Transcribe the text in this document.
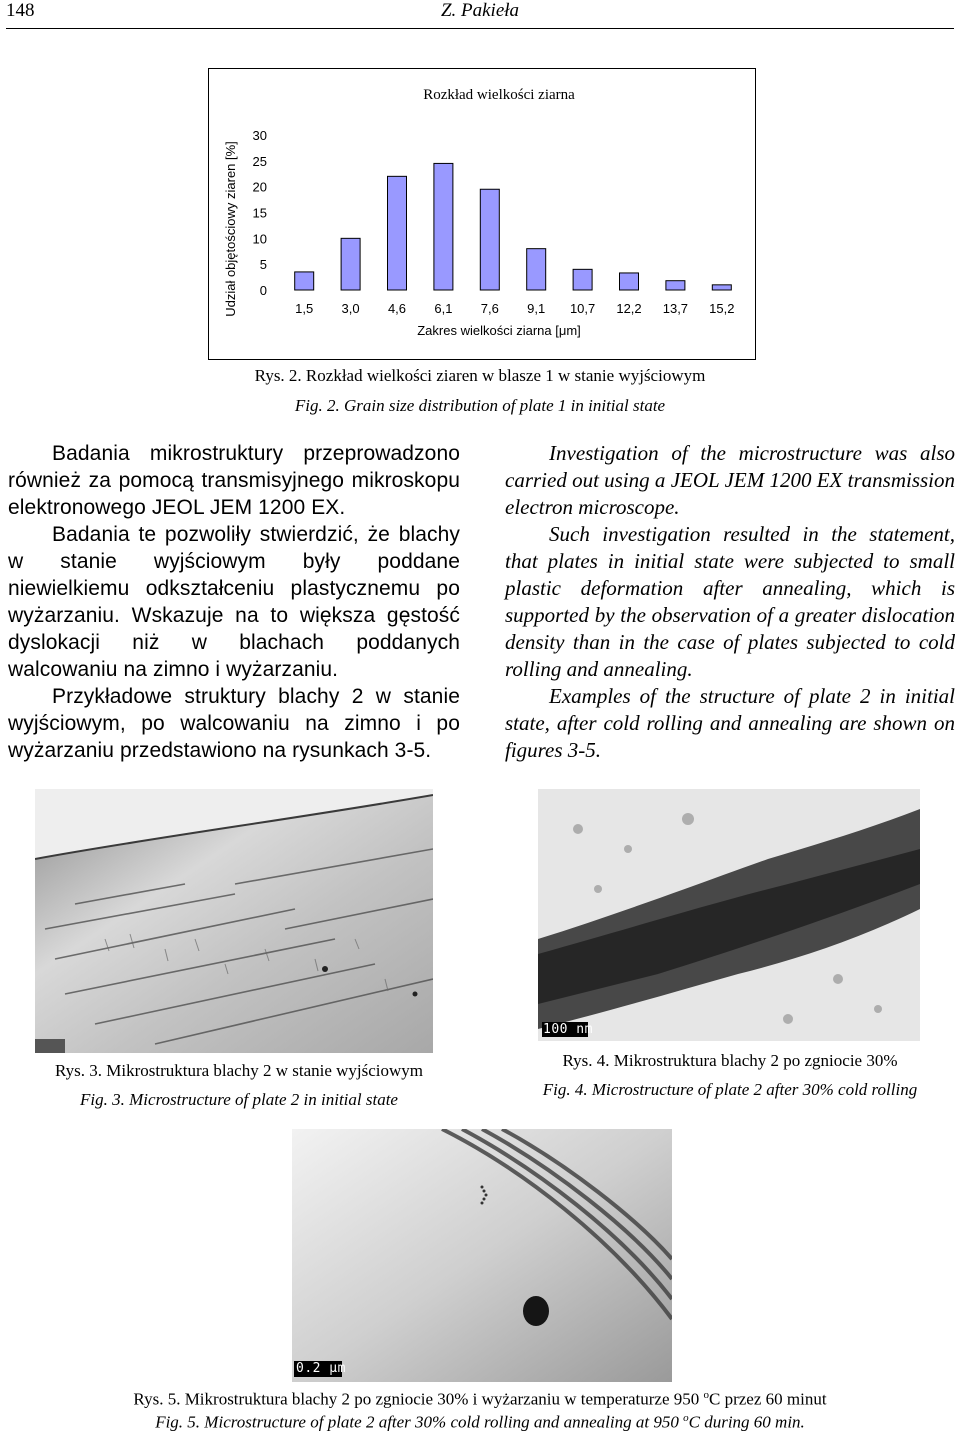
148	Z. Pakieła
Rozkład wielkości ziarna
Udział objętościowy ziaren [%]
Zakres wielkości ziarna [μm]
0
5
10
15
20
25
30
1,5 3,0 4,6 6,1 7,6 9,1 10,7 12,2 13,7 15,2
Rys. 2. Rozkład wielkości ziaren w blasze 1 w stanie wyjściowym
Fig. 2. Grain size distribution of plate 1 in initial state

Badania mikrostruktury przeprowadzono również za pomocą transmisyjnego mikroskopu elektronowego JEOL JEM 1200 EX.

Badania te pozwoliły stwierdzić, że blachy w stanie wyjściowym były poddane niewielkiemu odkształceniu plastycznemu po wyżarzaniu. Wskazuje na to większa gęstość dyslokacji niż w blachach poddanych walcowaniu na zimno i wyżarzaniu.

Przykładowe struktury blachy 2 w stanie wyjściowym, po walcowaniu na zimno i po wyżarzaniu przedstawiono na rysunkach 3-5.

Investigation of the microstructure was also carried out using a JEOL JEM 1200 EX transmission electron microscope.

Such investigation resulted in the statement, that plates in initial state were subjected to small plastic deformation after annealing, which is supported by the observation of a greater dislocation density than in the case of plates subjected to cold rolling and annealing.

Examples of the structure of plate 2 in initial state, after cold rolling and annealing are shown on figures 3-5.

100 nm
Rys. 3. Mikrostruktura blachy 2 w stanie wyjściowym
Fig. 3. Microstructure of plate 2 in initial state
Rys. 4. Mikrostruktura blachy 2 po zgniocie 30%
Fig. 4. Microstructure of plate 2 after 30% cold rolling
0.2 μm
Rys. 5. Mikrostruktura blachy 2 po zgniocie 30% i wyżarzaniu w temperaturze 950 $^o$C przez 60 minut
Fig. 5. Microstructure of plate 2 after 30% cold rolling and annealing at 950 $^o$C during 60 min.
